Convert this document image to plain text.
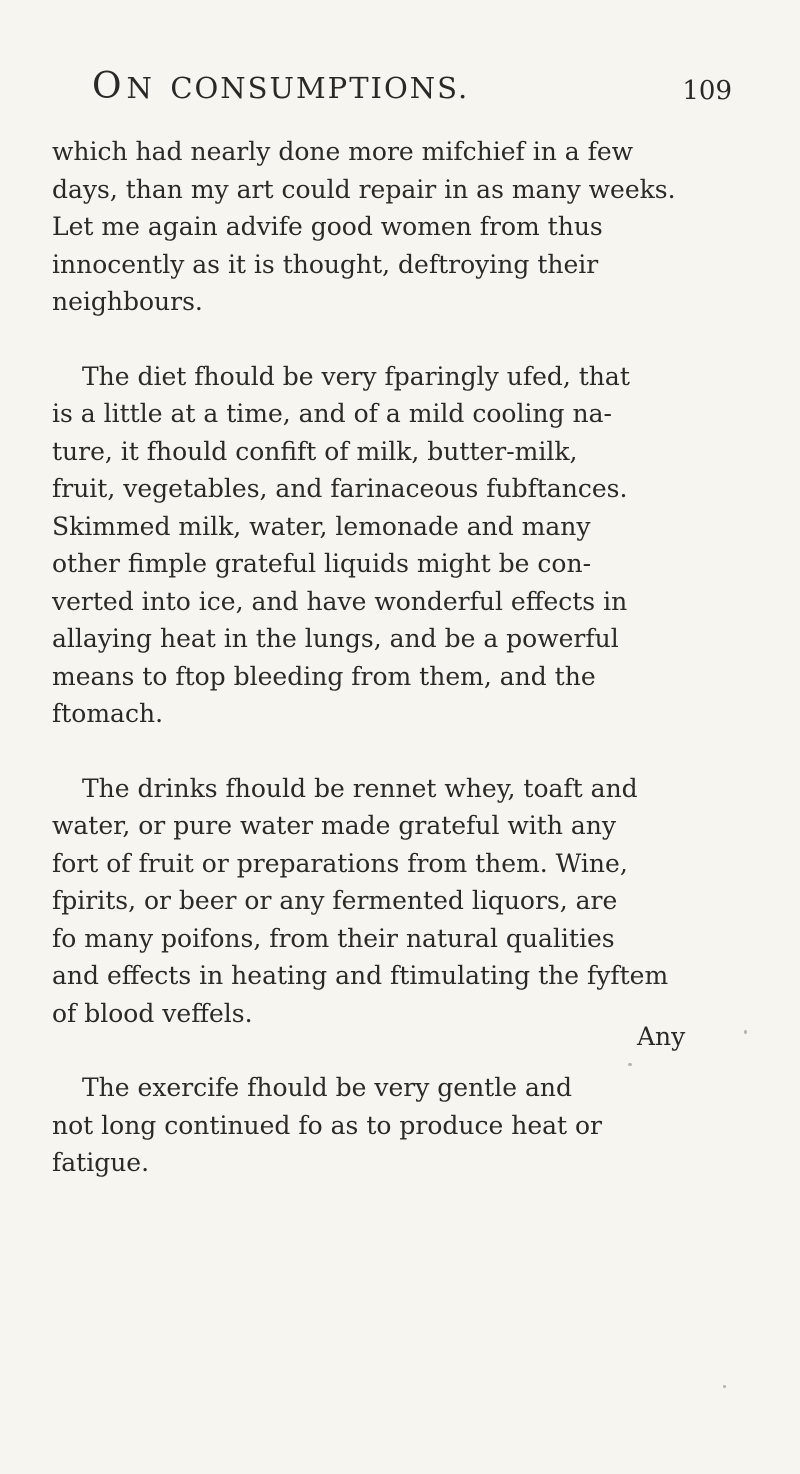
ON CONSUMPTIONS.	109
which had nearly done more mifchief in a few
days, than my art could repair in as many weeks.
Let me again advife good women from thus
innocently as it is thought, deftroying their
neighbours.
The diet fhould be very fparingly ufed, that
is a little at a time, and of a mild cooling na-
ture, it fhould confift of milk, butter-milk,
fruit, vegetables, and farinaceous fubftances.
Skimmed milk, water, lemonade and many
other fimple grateful liquids might be con-
verted into ice, and have wonderful effects in
allaying heat in the lungs, and be a powerful
means to ftop bleeding from them, and the
ftomach.
The drinks fhould be rennet whey, toaft and
water, or pure water made grateful with any
fort of fruit or preparations from them. Wine,
fpirits, or beer or any fermented liquors, are
fo many poifons, from their natural qualities
and effects in heating and ftimulating the fyftem
of blood veffels.
The exercife fhould be very gentle and
not long continued fo as to produce heat or
fatigue.
Any
